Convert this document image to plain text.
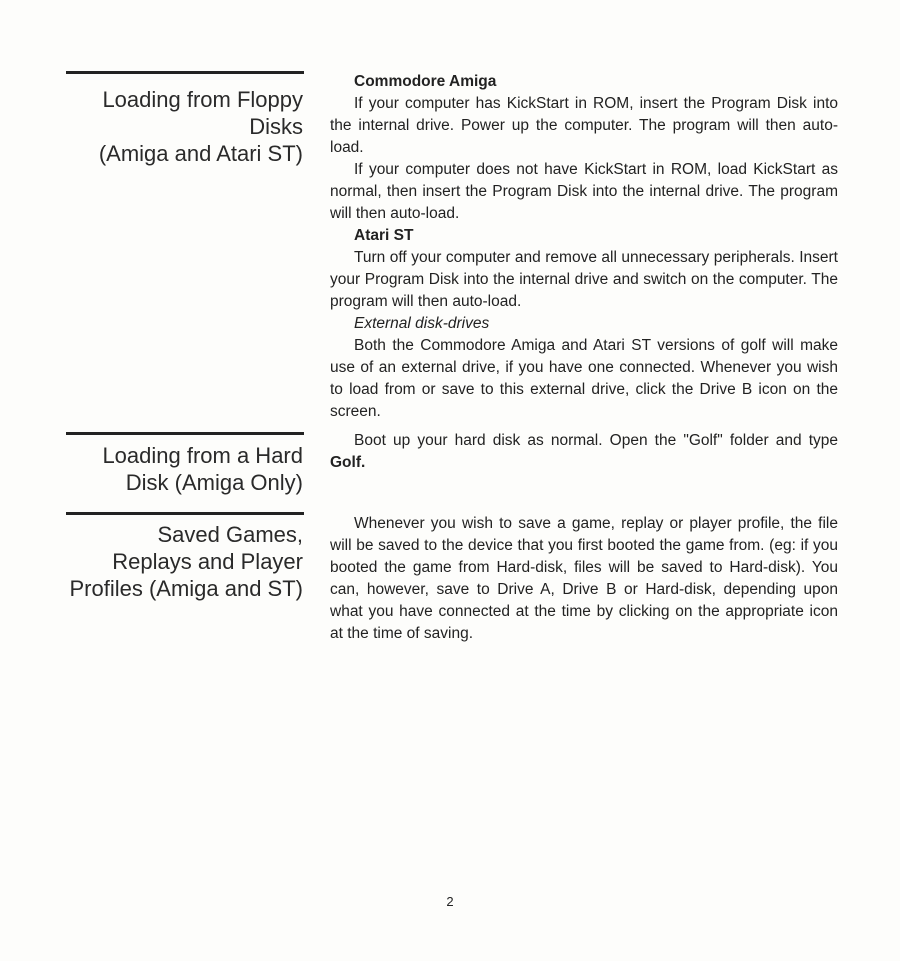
Loading from Floppy
Disks
(Amiga and Atari ST)

Commodore Amiga

If your computer has KickStart in ROM, insert the Program Disk into the internal drive. Power up the computer. The program will then auto-load.

If your computer does not have KickStart in ROM, load KickStart as normal, then insert the Program Disk into the internal drive. The program will then auto-load.

Atari ST

Turn off your computer and remove all unnecessary peripherals. Insert your Program Disk into the internal drive and switch on the computer. The program will then auto-load.

External disk-drives

Both the Commodore Amiga and Atari ST versions of golf will make use of an external drive, if you have one connected. Whenever you wish to load from or save to this external drive, click the Drive B icon on the screen.

Loading from a Hard
Disk (Amiga Only)

Boot up your hard disk as normal. Open the "Golf" folder and type Golf.

Saved Games,
Replays and Player
Profiles (Amiga and ST)

Whenever you wish to save a game, replay or player profile, the file will be saved to the device that you first booted the game from. (eg: if you booted the game from Hard-disk, files will be saved to Hard-disk). You can, however, save to Drive A, Drive B or Hard-disk, depending upon what you have connected at the time by clicking on the appropriate icon at the time of saving.

2
